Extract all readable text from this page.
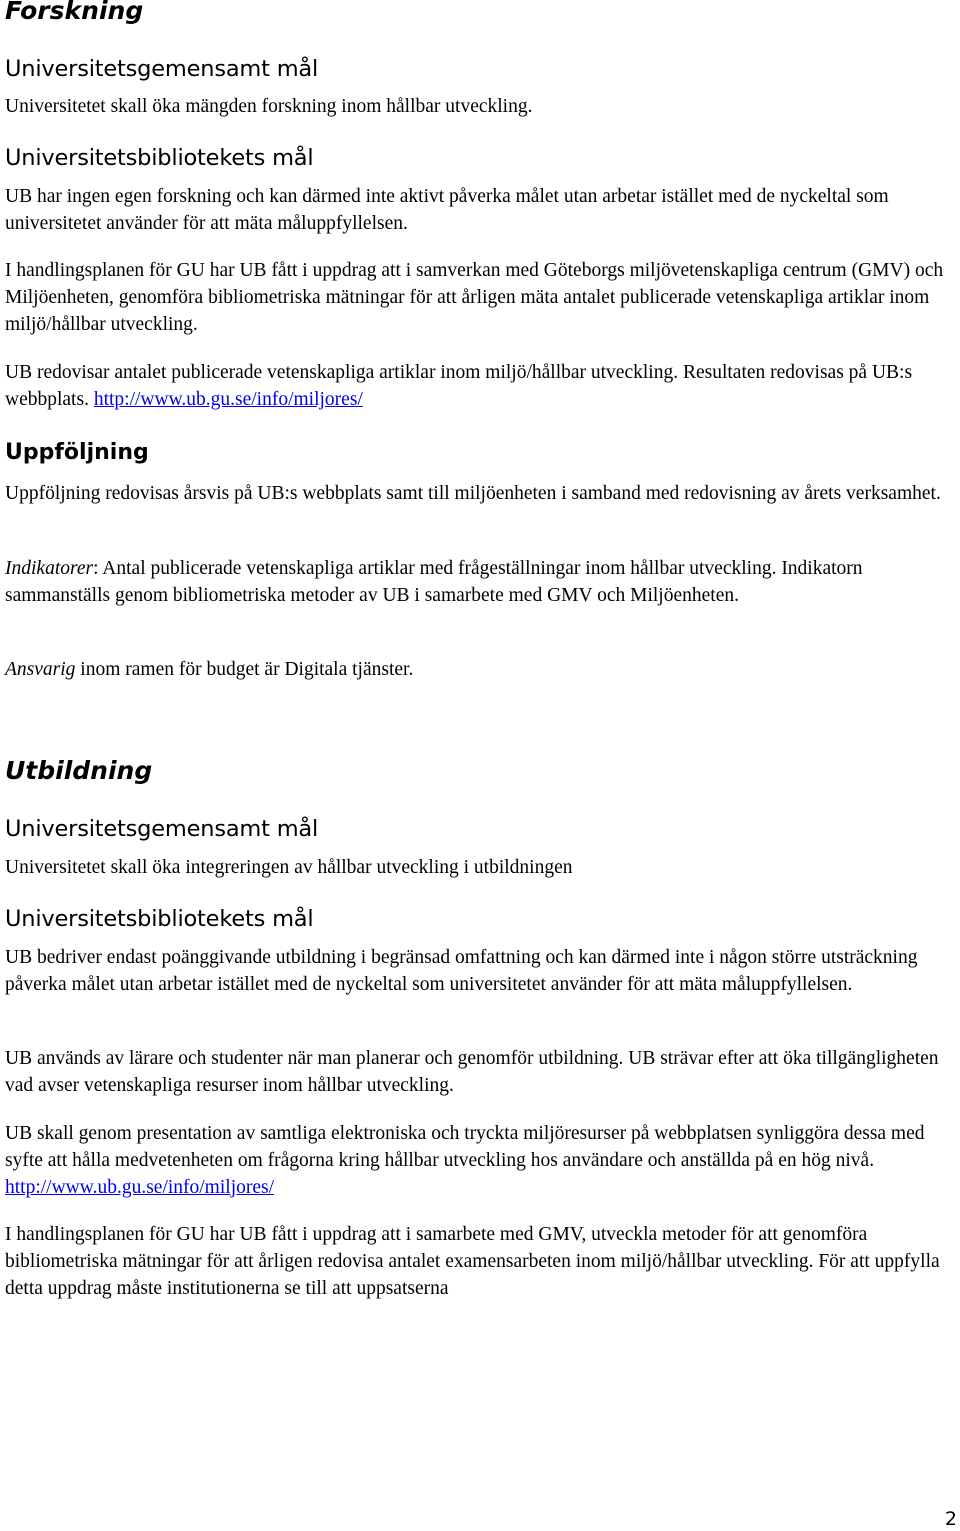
Forskning
Universitetsgemensamt mål

Universitetet skall öka mängden forskning inom hållbar utveckling.

Universitetsbibliotekets mål

UB har ingen egen forskning och kan därmed inte aktivt påverka målet utan arbetar istället med de nyckeltal som universitetet använder för att mäta måluppfyllelsen.

I handlingsplanen för GU har UB fått i uppdrag att i samverkan med Göteborgs miljövetenskapliga centrum (GMV) och Miljöenheten, genomföra bibliometriska mätningar för att årligen mäta antalet publicerade vetenskapliga artiklar inom miljö/hållbar utveckling.

UB redovisar antalet publicerade vetenskapliga artiklar inom miljö/hållbar utveckling. Resultaten redovisas på UB:s webbplats. http://www.ub.gu.se/info/miljores/

Uppföljning

Uppföljning redovisas årsvis på UB:s webbplats samt till miljöenheten i samband med redovisning av årets verksamhet.

Indikatorer: Antal publicerade vetenskapliga artiklar med frågeställningar inom hållbar utveckling. Indikatorn sammanställs genom bibliometriska metoder av UB i samarbete med GMV och Miljöenheten.

Ansvarig inom ramen för budget är Digitala tjänster.

Utbildning
Universitetsgemensamt mål

Universitetet skall öka integreringen av hållbar utveckling i utbildningen

Universitetsbibliotekets mål

UB bedriver endast poänggivande utbildning i begränsad omfattning och kan därmed inte i någon större utsträckning påverka målet utan arbetar istället med de nyckeltal som universitetet använder för att mäta måluppfyllelsen.

UB används av lärare och studenter när man planerar och genomför utbildning. UB strävar efter att öka tillgängligheten vad avser vetenskapliga resurser inom hållbar utveckling.

UB skall genom presentation av samtliga elektroniska och tryckta miljöresurser på webbplatsen synliggöra dessa med syfte att hålla medvetenheten om frågorna kring hållbar utveckling hos användare och anställda på en hög nivå. http://www.ub.gu.se/info/miljores/

I handlingsplanen för GU har UB fått i uppdrag att i samarbete med GMV, utveckla metoder för att genomföra bibliometriska mätningar för att årligen redovisa antalet examensarbeten inom miljö/hållbar utveckling. För att uppfylla detta uppdrag måste institutionerna se till att uppsatserna

2
